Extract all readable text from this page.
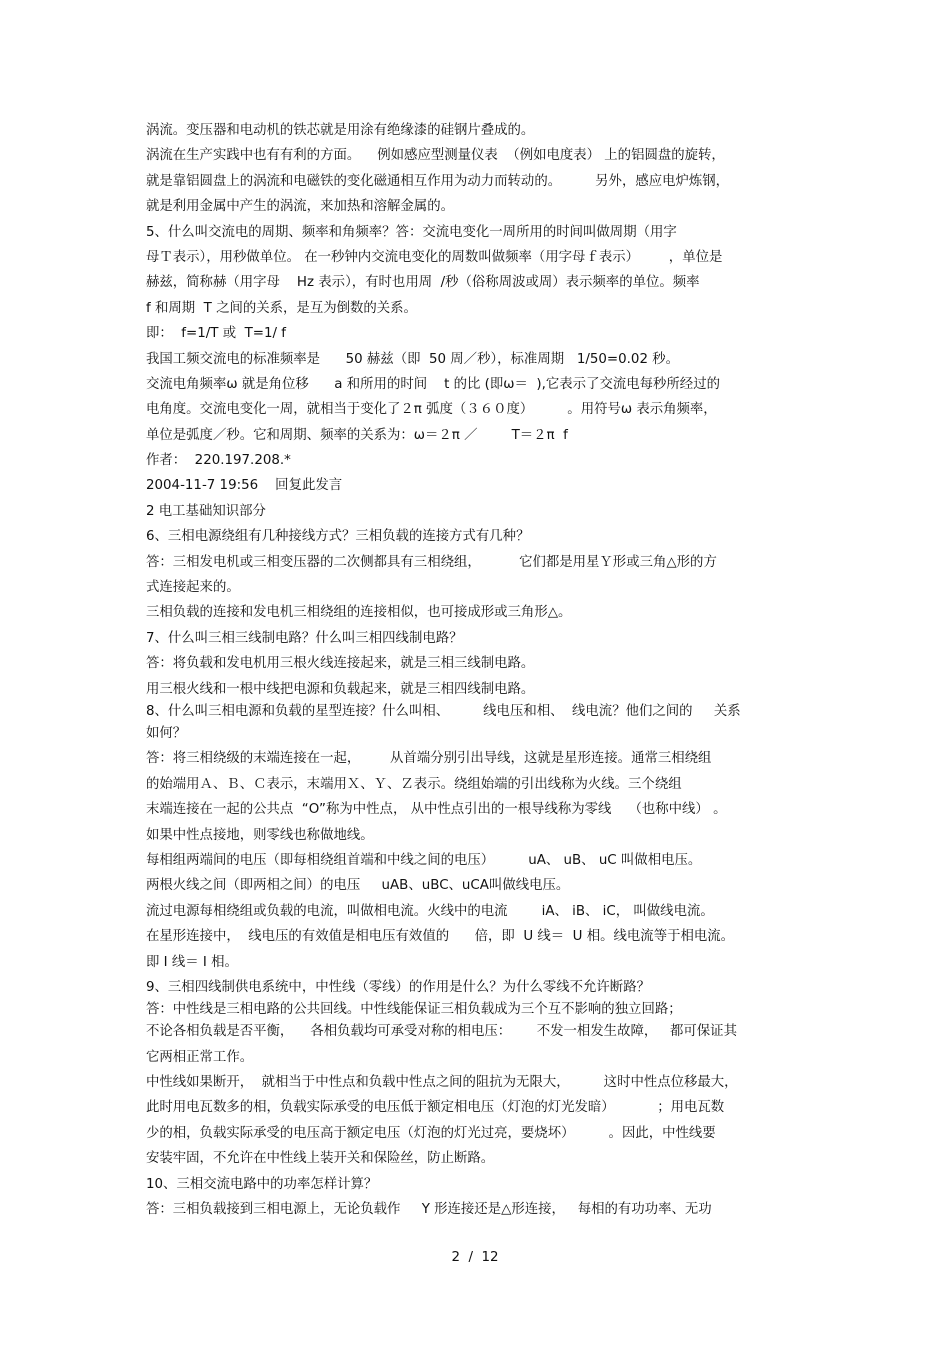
涡流。变压器和电动机的铁芯就是用涂有绝缘漆的硅钢片叠成的。
涡流在生产实践中也有有利的方面。    例如感应型测量仪表  （例如电度表） 上的铝圆盘的旋转，
就是靠铝圆盘上的涡流和电磁铁的变化磁通相互作用为动力而转动的。        另外，感应电炉炼钢，
就是利用金属中产生的涡流，来加热和溶解金属的。
5、什么叫交流电的周期、频率和角频率？答：交流电变化一周所用的时间叫做周期（用字
母Ｔ表示），用秒做单位。 在一秒钟内交流电变化的周数叫做频率（用字母ｆ表示）       ，单位是
赫兹，简称赫（用字母    Hz 表示），有时也用周  /秒（俗称周波或周）表示频率的单位。频率
f 和周期  T 之间的关系，是互为倒数的关系。
即：  f=1/T 或  T=1/ f
我国工频交流电的标准频率是      50 赫兹（即  50 周／秒），标准周期   1/50=0.02 秒。
交流电角频率ω 就是角位移      a 和所用的时间    t 的比 (即ω＝  ),它表示了交流电每秒所经过的
电角度。交流电变化一周，就相当于变化了２π 弧度（３６０度）        。用符号ω 表示角频率，
单位是弧度／秒。它和周期、频率的关系为：ω＝２π ／        T＝２π  f
作者：  220.197.208.*
2004-11-7 19:56    回复此发言
2 电工基础知识部分
6、三相电源绕组有几种接线方式？三相负载的连接方式有几种？
答：三相发电机或三相变压器的二次侧都具有三相绕组，         它们都是用星Ｙ形或三角△形的方
式连接起来的。
三相负载的连接和发电机三相绕组的连接相似，也可接成形或三角形△。
7、什么叫三相三线制电路？什么叫三相四线制电路？
答：将负载和发电机用三根火线连接起来，就是三相三线制电路。
用三根火线和一根中线把电源和负载起来，就是三相四线制电路。
8、什么叫三相电源和负载的星型连接？什么叫相、        线电压和相、  线电流？他们之间的     关系
如何？
答：将三相绕级的末端连接在一起，       从首端分别引出导线，这就是星形连接。通常三相绕组
的始端用Ａ、Ｂ、Ｃ表示，末端用Ｘ、Ｙ、Ｚ表示。绕组始端的引出线称为火线。三个绕组
末端连接在一起的公共点  “O”称为中性点， 从中性点引出的一根导线称为零线    （也称中线） 。
如果中性点接地，则零线也称做地线。
每相组两端间的电压（即每相绕组首端和中线之间的电压）        uA、 uB、 uC 叫做相电压。
两根火线之间（即两相之间）的电压     uAB、uBC、uCA叫做线电压。
流过电源每相绕组或负载的电流，叫做相电流。火线中的电流        iA、 iB、 iC， 叫做线电流。
在星形连接中，  线电压的有效值是相电压有效值的      倍，即  U 线＝  U 相。线电流等于相电流。
即 I 线＝ I 相。
9、三相四线制供电系统中，中性线（零线）的作用是什么？为什么零线不允许断路？
答：中性线是三相电路的公共回线。中性线能保证三相负载成为三个互不影响的独立回路；
不论各相负载是否平衡，    各相负载均可承受对称的相电压：      不发一相发生故障，   都可保证其
它两相正常工作。
中性线如果断开，  就相当于中性点和负载中性点之间的阻抗为无限大，        这时中性点位移最大，
此时用电瓦数多的相，负载实际承受的电压低于额定相电压（灯泡的灯光发暗）          ；用电瓦数
少的相，负载实际承受的电压高于额定电压（灯泡的灯光过亮，要烧坏）        。因此，中性线要
安装牢固，不允许在中性线上装开关和保险丝，防止断路。
10、三相交流电路中的功率怎样计算？
答：三相负载接到三相电源上，无论负载作     Y 形连接还是△形连接，   每相的有功功率、无功
2  /  12
